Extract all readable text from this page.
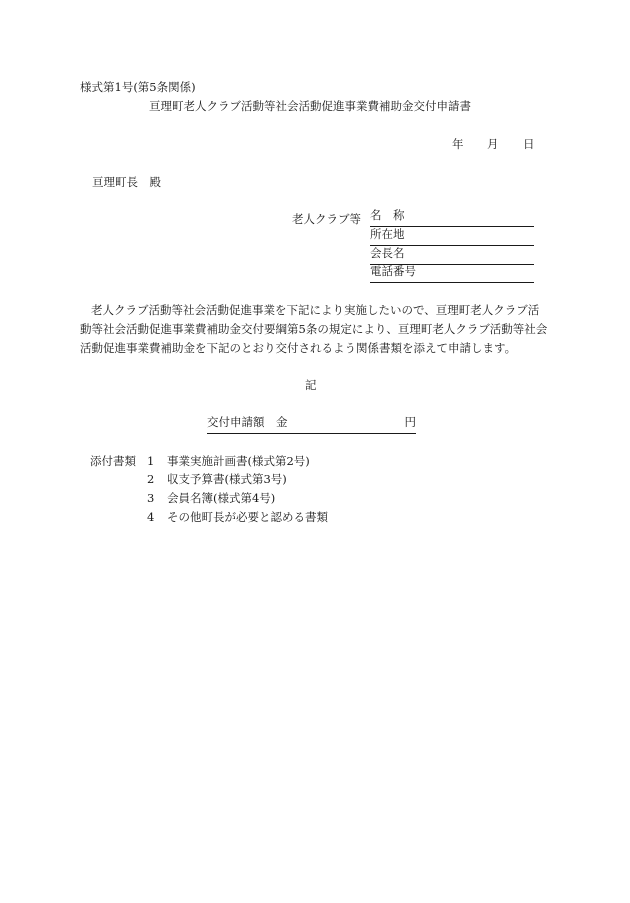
様式第1号(第5条関係)
亘理町老人クラブ活動等社会活動促進事業費補助金交付申請書
年 月 日
亘理町長　殿
老人クラブ等 名　称
所在地
会長名
電話番号
老人クラブ活動等社会活動促進事業を下記により実施したいので、亘理町老人クラブ活
動等社会活動促進事業費補助金交付要綱第5条の規定により、亘理町老人クラブ活動等社会
活動促進事業費補助金を下記のとおり交付されるよう関係書類を添えて申請します。
記
交付申請額　金	円
添付書類 1 事業実施計画書(様式第2号)
2 収支予算書(様式第3号)
3 会員名簿(様式第4号)
4 その他町長が必要と認める書類
